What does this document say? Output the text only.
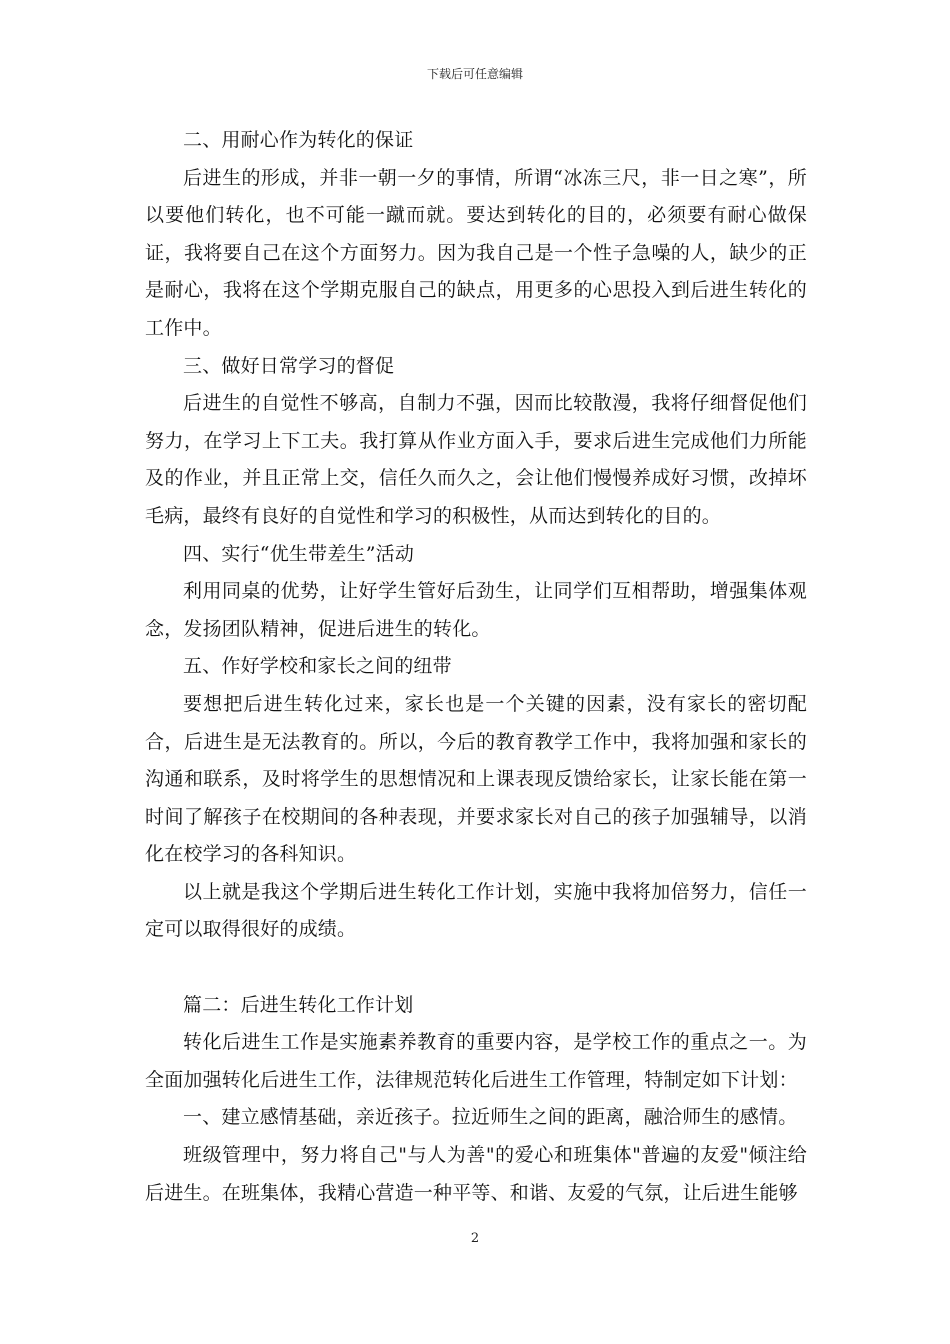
下载后可任意编辑

二、用耐心作为转化的保证

后进生的形成，并非一朝一夕的事情，所谓“冰冻三尺，非一日之寒”，所以要他们转化，也不可能一蹴而就。要达到转化的目的，必须要有耐心做保证，我将要自己在这个方面努力。因为我自己是一个性子急噪的人，缺少的正是耐心，我将在这个学期克服自己的缺点，用更多的心思投入到后进生转化的工作中。

三、做好日常学习的督促

后进生的自觉性不够高，自制力不强，因而比较散漫，我将仔细督促他们努力，在学习上下工夫。我打算从作业方面入手，要求后进生完成他们力所能及的作业，并且正常上交，信任久而久之，会让他们慢慢养成好习惯，改掉坏毛病，最终有良好的自觉性和学习的积极性，从而达到转化的目的。

四、实行“优生带差生”活动

利用同桌的优势，让好学生管好后劲生，让同学们互相帮助，增强集体观念，发扬团队精神，促进后进生的转化。

五、作好学校和家长之间的纽带

要想把后进生转化过来，家长也是一个关键的因素，没有家长的密切配合，后进生是无法教育的。所以，今后的教育教学工作中，我将加强和家长的沟通和联系，及时将学生的思想情况和上课表现反馈给家长，让家长能在第一时间了解孩子在校期间的各种表现，并要求家长对自己的孩子加强辅导，以消化在校学习的各科知识。

以上就是我这个学期后进生转化工作计划，实施中我将加倍努力，信任一定可以取得很好的成绩。

篇二：后进生转化工作计划

转化后进生工作是实施素养教育的重要内容，是学校工作的重点之一。为全面加强转化后进生工作，法律规范转化后进生工作管理，特制定如下计划：

一、建立感情基础，亲近孩子。拉近师生之间的距离，融洽师生的感情。

班级管理中，努力将自己"与人为善"的爱心和班集体"普遍的友爱"倾注给后进生。在班集体，我精心营造一种平等、和谐、友爱的气氛，让后进生能够

2
